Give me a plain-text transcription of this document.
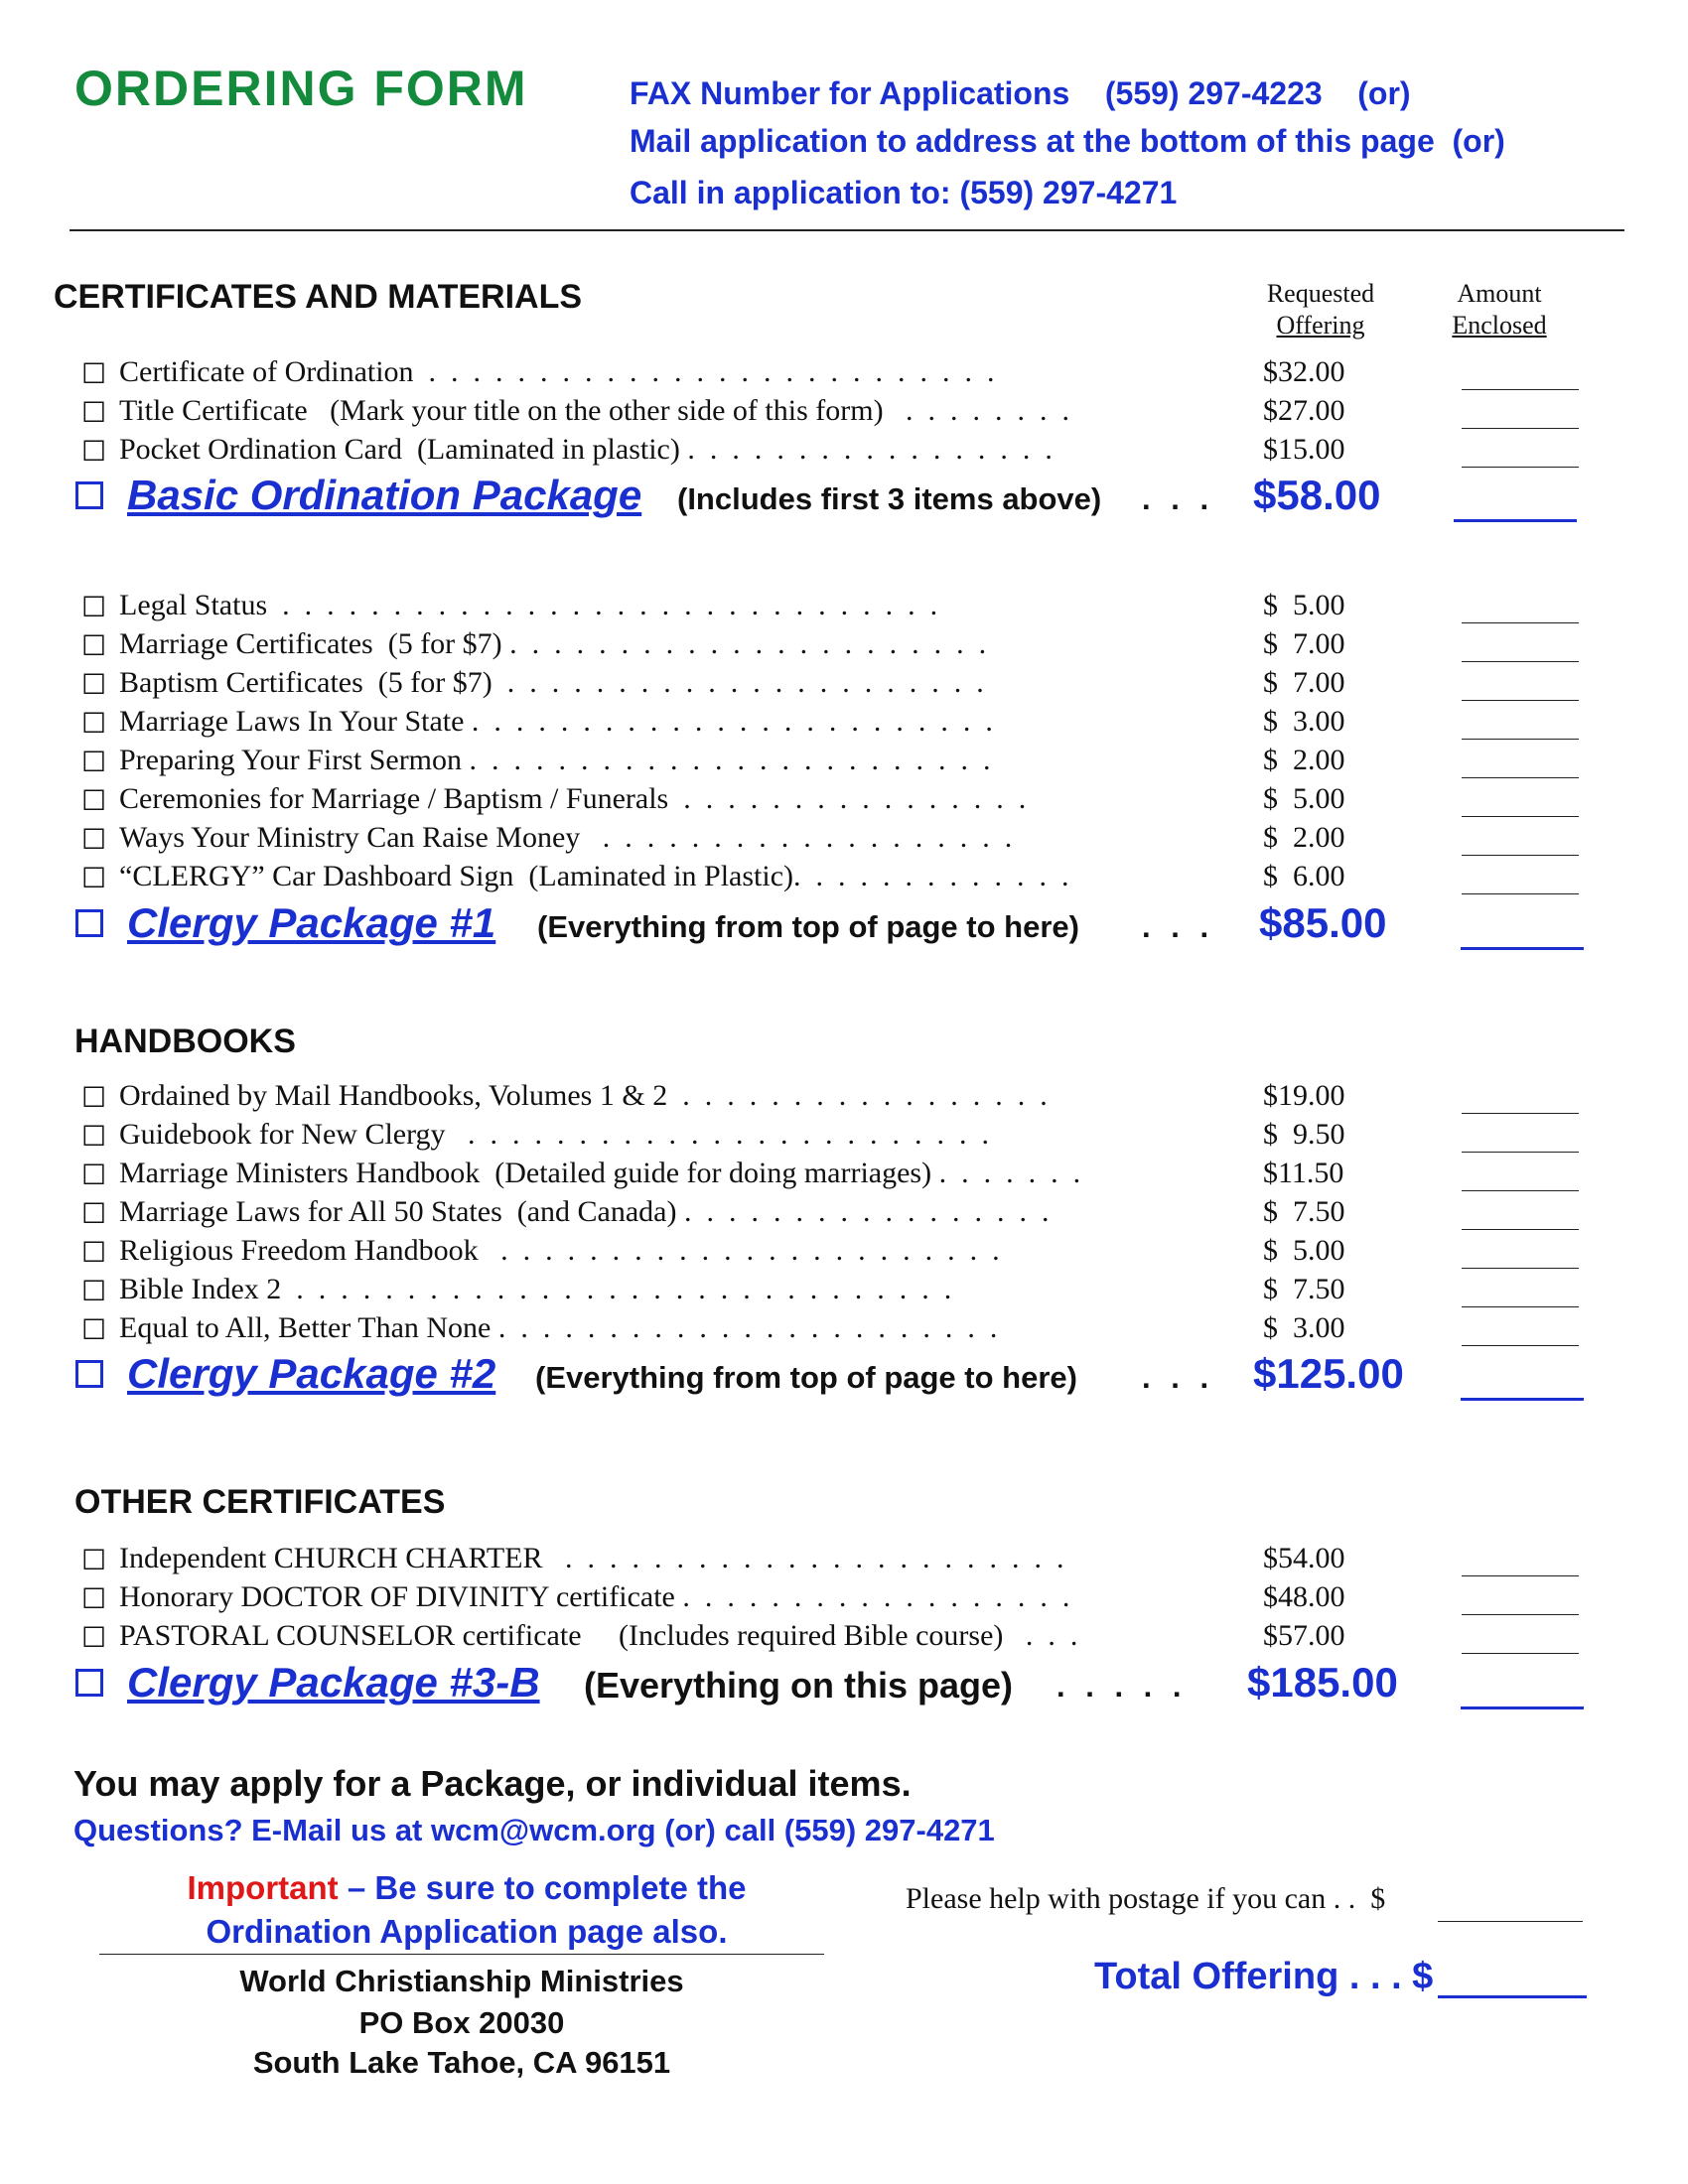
ORDERING FORM	FAX Number for Applications    (559) 297-4223    (or)
Mail application to address at the bottom of this page  (or)
Call in application to: (559) 297-4271
CERTIFICATES AND MATERIALS	Requested
Offering
Amount
Enclosed
☐ Certificate of Ordination  .  .  .  .  .  .  .  .  .  .  .  .  .  .  .  .  .  .  .  .  .  .  .  .  .  .	$32.00
☐ Title Certificate   (Mark your title on the other side of this form)   .  .  .  .  .  .  .  .	$27.00
☐ Pocket Ordination Card  (Laminated in plastic) .  .  .  .  .  .  .  .  .  .  .  .  .  .  .  .  .	$15.00
Basic Ordination Package (Includes first 3 items above) . . . $58.00
☐ Legal Status  .  .  .  .  .  .  .  .  .  .  .  .  .  .  .  .  .  .  .  .  .  .  .  .  .  .  .  .  .  .	$  5.00
☐ Marriage Certificates  (5 for $7) .  .  .  .  .  .  .  .  .  .  .  .  .  .  .  .  .  .  .  .  .  .	$  7.00
☐ Baptism Certificates  (5 for $7)  .  .  .  .  .  .  .  .  .  .  .  .  .  .  .  .  .  .  .  .  .  .	$  7.00
☐ Marriage Laws In Your State .  .  .  .  .  .  .  .  .  .  .  .  .  .  .  .  .  .  .  .  .  .  .  .	$  3.00
☐ Preparing Your First Sermon .  .  .  .  .  .  .  .  .  .  .  .  .  .  .  .  .  .  .  .  .  .  .  .	$  2.00
☐ Ceremonies for Marriage / Baptism / Funerals  .  .  .  .  .  .  .  .  .  .  .  .  .  .  .  .	$  5.00
☐ Ways Your Ministry Can Raise Money   .  .  .  .  .  .  .  .  .  .  .  .  .  .  .  .  .  .  .	$  2.00
☐ “CLERGY” Car Dashboard Sign  (Laminated in Plastic).  .  .  .  .  .  .  .  .  .  .  .  .	$  6.00
Clergy Package #1 (Everything from top of page to here) . . . $85.00
HANDBOOKS
☐ Ordained by Mail Handbooks, Volumes 1 & 2  .  .  .  .  .  .  .  .  .  .  .  .  .  .  .  .  .	$19.00
☐ Guidebook for New Clergy   .  .  .  .  .  .  .  .  .  .  .  .  .  .  .  .  .  .  .  .  .  .  .  .	$  9.50
☐ Marriage Ministers Handbook  (Detailed guide for doing marriages) .  .  .  .  .  .  .	$11.50
☐ Marriage Laws for All 50 States  (and Canada) .  .  .  .  .  .  .  .  .  .  .  .  .  .  .  .  .	$  7.50
☐ Religious Freedom Handbook   .  .  .  .  .  .  .  .  .  .  .  .  .  .  .  .  .  .  .  .  .  .  .	$  5.00
☐ Bible Index 2  .  .  .  .  .  .  .  .  .  .  .  .  .  .  .  .  .  .  .  .  .  .  .  .  .  .  .  .  .  .	$  7.50
☐ Equal to All, Better Than None .  .  .  .  .  .  .  .  .  .  .  .  .  .  .  .  .  .  .  .  .  .  .	$  3.00
Clergy Package #2 (Everything from top of page to here) . . . $125.00
OTHER CERTIFICATES
☐ Independent CHURCH CHARTER   .  .  .  .  .  .  .  .  .  .  .  .  .  .  .  .  .  .  .  .  .  .  .	$54.00
☐ Honorary DOCTOR OF DIVINITY certificate .  .  .  .  .  .  .  .  .  .  .  .  .  .  .  .  .  .	$48.00
☐ PASTORAL COUNSELOR certificate     (Includes required Bible course)   .  .  .	$57.00
Clergy Package #3-B (Everything on this page) . . . . . $185.00
You may apply for a Package, or individual items.
Questions? E-Mail us at wcm@wcm.org (or) call (559) 297-4271
Important – Be sure to complete the
Ordination Application page also.
Please help with postage if you can . .  $
Total Offering . . . $
World Christianship Ministries
PO Box 20030
South Lake Tahoe, CA 96151
